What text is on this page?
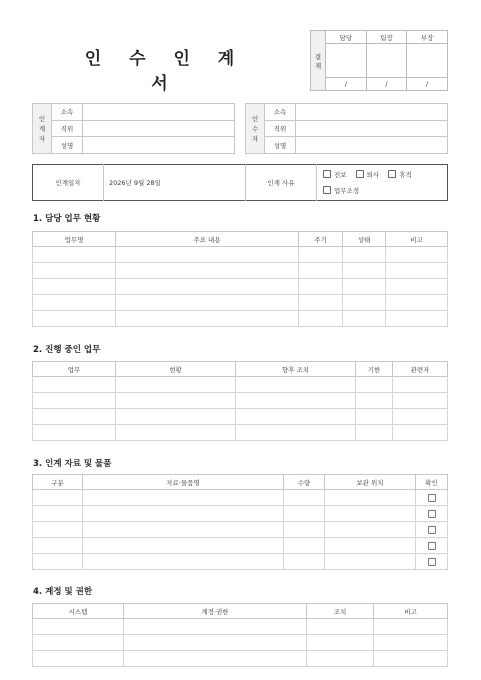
인 수 인 계 서
결
재	담당	팀장	부장

	/	/	/
인
계
자	소속	
	직위	
	성명	
인
수
자	소속	
	직위	
	성명	
인계일자	2026년 9월 28일	인계 사유	
전보	퇴사	휴직
업무조정
1. 담당 업무 현황
업무명	주요 내용	주기	상태	비고

2. 진행 중인 업무
업무	현황	향후 조치	기한	관련자

3. 인계 자료 및 물품
구분	자료·물품명	수량	보관 위치	확인

4. 계정 및 권한
시스템	계정·권한	조치	비고
